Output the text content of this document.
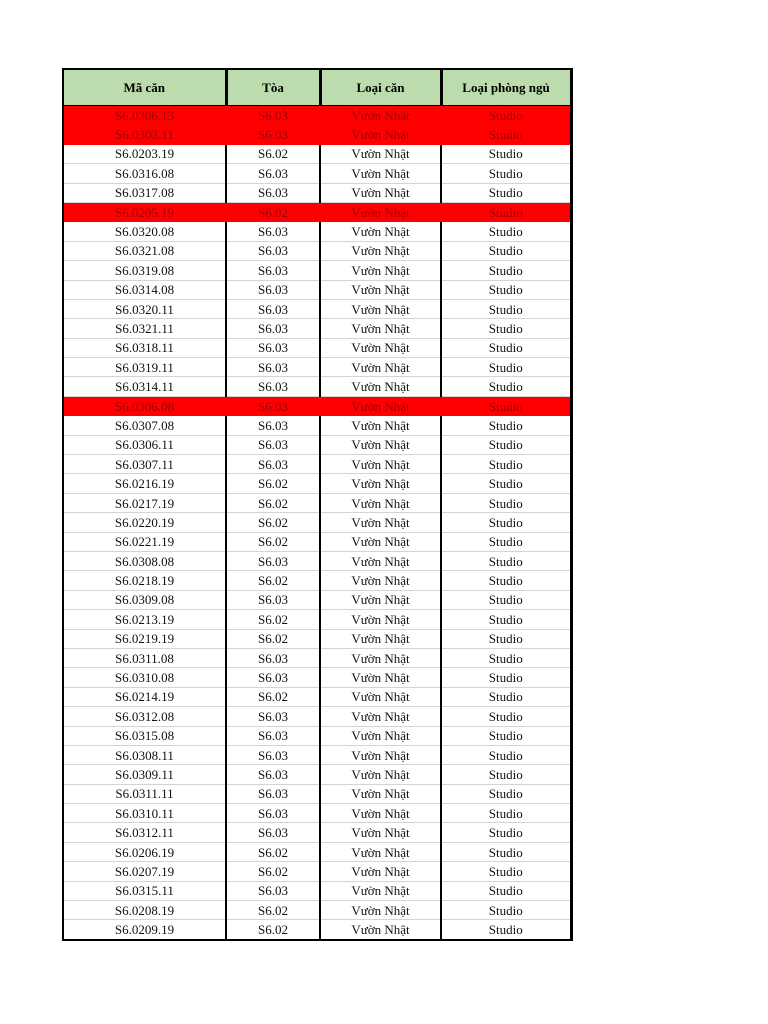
Mã căn	Tòa	Loại căn	Loại phòng ngủ
S6.0306.13	S6.03	Vườn Nhật	Studio
S6.0303.11	S6.03	Vườn Nhật	Studio
S6.0203.19	S6.02	Vườn Nhật	Studio
S6.0316.08	S6.03	Vườn Nhật	Studio
S6.0317.08	S6.03	Vườn Nhật	Studio
S6.0205.19	S6.02	Vườn Nhật	Studio
S6.0320.08	S6.03	Vườn Nhật	Studio
S6.0321.08	S6.03	Vườn Nhật	Studio
S6.0319.08	S6.03	Vườn Nhật	Studio
S6.0314.08	S6.03	Vườn Nhật	Studio
S6.0320.11	S6.03	Vườn Nhật	Studio
S6.0321.11	S6.03	Vườn Nhật	Studio
S6.0318.11	S6.03	Vườn Nhật	Studio
S6.0319.11	S6.03	Vườn Nhật	Studio
S6.0314.11	S6.03	Vườn Nhật	Studio
S6.0306.08	S6.03	Vườn Nhật	Studio
S6.0307.08	S6.03	Vườn Nhật	Studio
S6.0306.11	S6.03	Vườn Nhật	Studio
S6.0307.11	S6.03	Vườn Nhật	Studio
S6.0216.19	S6.02	Vườn Nhật	Studio
S6.0217.19	S6.02	Vườn Nhật	Studio
S6.0220.19	S6.02	Vườn Nhật	Studio
S6.0221.19	S6.02	Vườn Nhật	Studio
S6.0308.08	S6.03	Vườn Nhật	Studio
S6.0218.19	S6.02	Vườn Nhật	Studio
S6.0309.08	S6.03	Vườn Nhật	Studio
S6.0213.19	S6.02	Vườn Nhật	Studio
S6.0219.19	S6.02	Vườn Nhật	Studio
S6.0311.08	S6.03	Vườn Nhật	Studio
S6.0310.08	S6.03	Vườn Nhật	Studio
S6.0214.19	S6.02	Vườn Nhật	Studio
S6.0312.08	S6.03	Vườn Nhật	Studio
S6.0315.08	S6.03	Vườn Nhật	Studio
S6.0308.11	S6.03	Vườn Nhật	Studio
S6.0309.11	S6.03	Vườn Nhật	Studio
S6.0311.11	S6.03	Vườn Nhật	Studio
S6.0310.11	S6.03	Vườn Nhật	Studio
S6.0312.11	S6.03	Vườn Nhật	Studio
S6.0206.19	S6.02	Vườn Nhật	Studio
S6.0207.19	S6.02	Vườn Nhật	Studio
S6.0315.11	S6.03	Vườn Nhật	Studio
S6.0208.19	S6.02	Vườn Nhật	Studio
S6.0209.19	S6.02	Vườn Nhật	Studio
